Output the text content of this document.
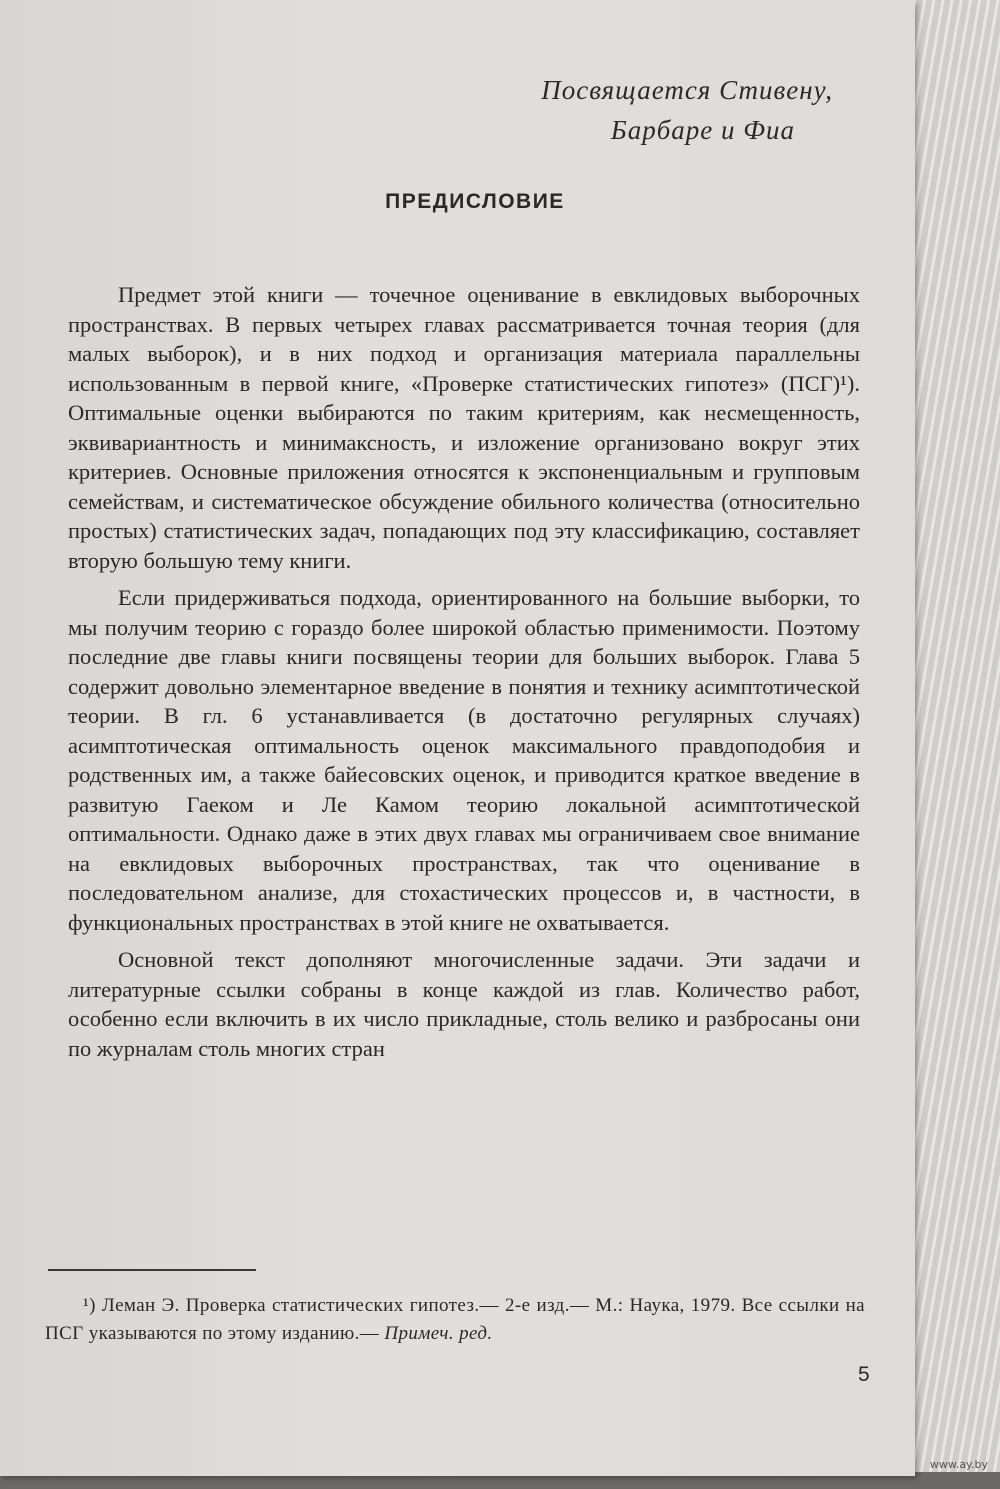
Посвящается Стивену,

Барбаре и Фиа
ПРЕДИСЛОВИЕ

Предмет этой книги — точечное оценивание в евклидовых выборочных пространствах. В первых четырех главах рассматривается точная теория (для малых выборок), и в них подход и организация материала параллельны использованным в первой книге, «Проверке статистических гипотез» (ПСГ)¹). Оптимальные оценки выбираются по таким критериям, как несмещенность, эквивариантность и минимаксность, и изложение организовано вокруг этих критериев. Основные приложения относятся к экспоненциальным и групповым семействам, и систематическое обсуждение обильного количества (относительно простых) статистических задач, попадающих под эту классификацию, составляет вторую большую тему книги.

Если придерживаться подхода, ориентированного на большие выборки, то мы получим теорию с гораздо более широкой областью применимости. Поэтому последние две главы книги посвящены теории для больших выборок. Глава 5 содержит довольно элементарное введение в понятия и технику асимптотической теории. В гл. 6 устанавливается (в достаточно регулярных случаях) асимптотическая оптимальность оценок максимального правдоподобия и родственных им, а также байесовских оценок, и приводится краткое введение в развитую Гаеком и Ле Камом теорию локальной асимптотической оптимальности. Однако даже в этих двух главах мы ограничиваем свое внимание на евклидовых выборочных пространствах, так что оценивание в последовательном анализе, для стохастических процессов и, в частности, в функциональных пространствах в этой книге не охватывается.

Основной текст дополняют многочисленные задачи. Эти задачи и литературные ссылки собраны в конце каждой из глав. Количество работ, особенно если включить в их число прикладные, столь велико и разбросаны они по журналам столь многих стран

¹) Леман Э. Проверка статистических гипотез.— 2-е изд.— М.: Наука, 1979. Все ссылки на ПСГ указываются по этому изданию.— Примеч. ред.
5
www.ay.by
